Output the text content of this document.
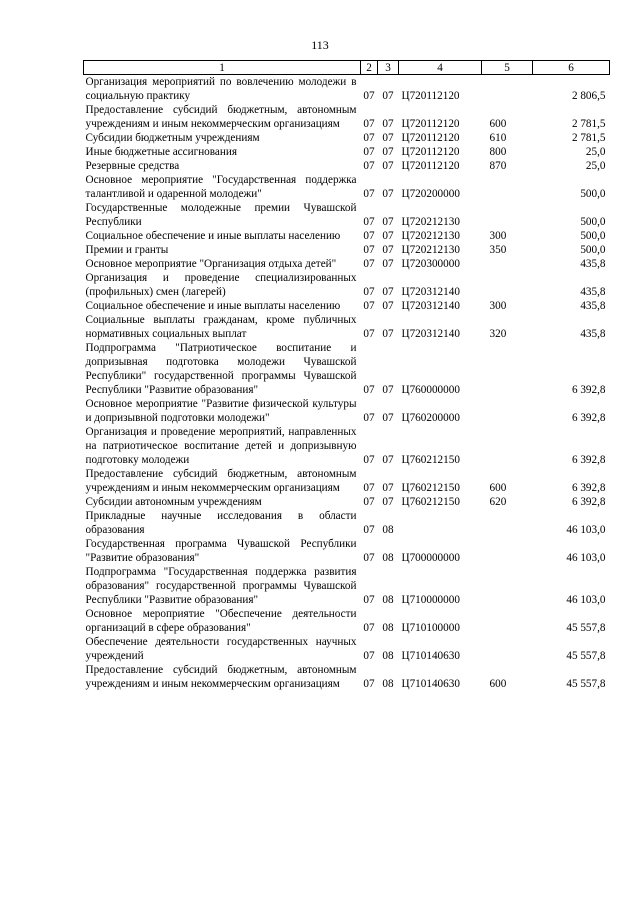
113
1	2	3	4	5	6
Организация мероприятий по вовлечению молодежи в социальную практику	07	07	Ц720112120		2 806,5
Предоставление субсидий бюджетным, автономным учреждениям и иным некоммерческим организациям	07	07	Ц720112120	600	2 781,5
Субсидии бюджетным учреждениям	07	07	Ц720112120	610	2 781,5
Иные бюджетные ассигнования	07	07	Ц720112120	800	25,0
Резервные средства	07	07	Ц720112120	870	25,0
Основное мероприятие "Государственная поддержка талантливой и одаренной молодежи"	07	07	Ц720200000		500,0
Государственные молодежные премии Чувашской Республики	07	07	Ц720212130		500,0
Социальное обеспечение и иные выплаты населению	07	07	Ц720212130	300	500,0
Премии и гранты	07	07	Ц720212130	350	500,0
Основное мероприятие "Организация отдыха детей"	07	07	Ц720300000		435,8
Организация и проведение специализированных (профильных) смен (лагерей)	07	07	Ц720312140		435,8
Социальное обеспечение и иные выплаты населению	07	07	Ц720312140	300	435,8
Социальные выплаты гражданам, кроме публичных нормативных социальных выплат	07	07	Ц720312140	320	435,8
Подпрограмма "Патриотическое воспитание и допризывная подготовка молодежи Чувашской Республики" государственной программы Чувашской Республики "Развитие образования"	07	07	Ц760000000		6 392,8
Основное мероприятие "Развитие физической культуры и допризывной подготовки молодежи"	07	07	Ц760200000		6 392,8
Организация и проведение мероприятий, направленных на патриотическое воспитание детей и допризывную подготовку молодежи	07	07	Ц760212150		6 392,8
Предоставление субсидий бюджетным, автономным учреждениям и иным некоммерческим организациям	07	07	Ц760212150	600	6 392,8
Субсидии автономным учреждениям	07	07	Ц760212150	620	6 392,8
Прикладные научные исследования в области образования	07	08			46 103,0
Государственная программа Чувашской Республики "Развитие образования"	07	08	Ц700000000		46 103,0
Подпрограмма "Государственная поддержка развития образования" государственной программы Чувашской Республики "Развитие образования"	07	08	Ц710000000		46 103,0
Основное мероприятие "Обеспечение деятельности организаций в сфере образования"	07	08	Ц710100000		45 557,8
Обеспечение деятельности государственных научных учреждений	07	08	Ц710140630		45 557,8
Предоставление субсидий бюджетным, автономным учреждениям и иным некоммерческим организациям	07	08	Ц710140630	600	45 557,8
